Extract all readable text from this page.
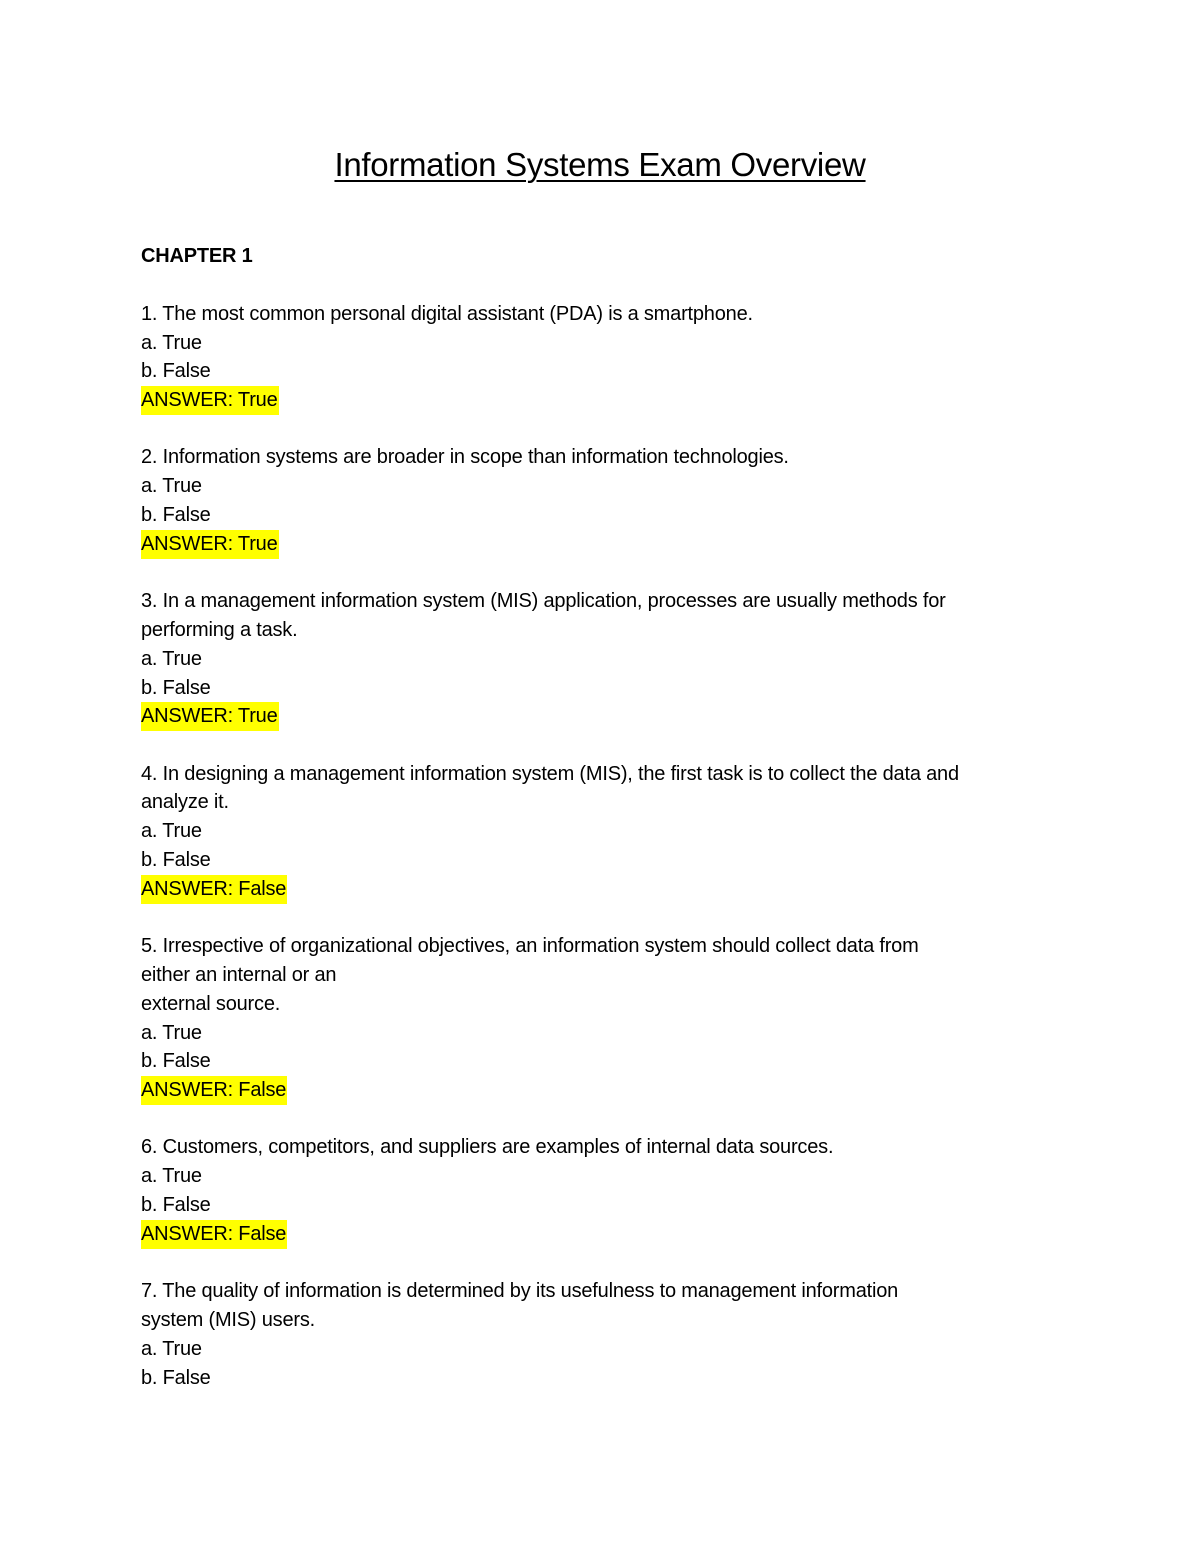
Information Systems Exam Overview
CHAPTER 1
1. The most common personal digital assistant (PDA) is a smartphone.
a. True
b. False
ANSWER: True
2. Information systems are broader in scope than information technologies.
a. True
b. False
ANSWER: True
3. In a management information system (MIS) application, processes are usually methods for
performing a task.
a. True
b. False
ANSWER: True
4. In designing a management information system (MIS), the first task is to collect the data and
analyze it.
a. True
b. False
ANSWER: False
5. Irrespective of organizational objectives, an information system should collect data from
either an internal or an
external source.
a. True
b. False
ANSWER: False
6. Customers, competitors, and suppliers are examples of internal data sources.
a. True
b. False
ANSWER: False
7. The quality of information is determined by its usefulness to management information
system (MIS) users.
a. True
b. False
